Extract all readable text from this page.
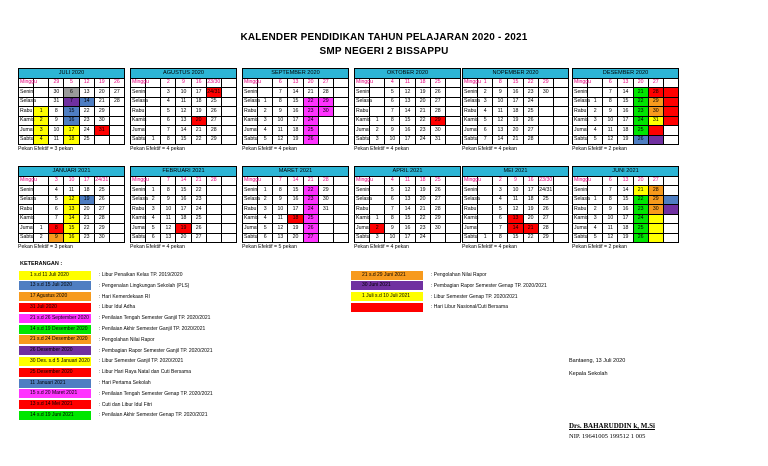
KALENDER PENDIDIKAN TAHUN PELAJARAN 2020 - 2021
SMP NEGERI 2 BISSAPPU
JULI 2020						
Minggu		29	5	12	19	26
Senin		30	6	13	20	27
Selasa		31	7	14	21	28
Rabu	1	8	15	22	29	
Kamis	2	9	16	23	30	
Jumat	3	10	17	24	31	
Sabtu	4	11	18	25		
Pekan Efektif = 3 pekan
AGUSTUS 2020						
Minggu		2	9	16	23/30	
Senin		3	10	17	24/31	
Selasa		4	11	18	25	
Rabu		5	12	19	26	
Kamis		6	13	20	27	
Jumat		7	14	21	28	
Sabtu	1	8	15	22	29	
Pekan Efektif = 4 pekan
SEPTEMBER 2020						
Minggu		6	13	20	27	
Senin		7	14	21	28	
Selasa	1	8	15	22	29	
Rabu	2	9	16	23	30	
Kamis	3	10	17	24		
Jumat	4	11	18	25		
Sabtu	5	12	19	26		
Pekan Efektif = 4 pekan
OKTOBER 2020						
Minggu		4	11	18	25	
Senin		5	12	19	26	
Selasa		6	13	20	27	
Rabu		7	14	21	28	
Kamis	1	8	15	22	29	
Jumat	2	9	16	23	30	
Sabtu	3	10	17	24	31	
Pekan Efektif = 4 pekan
NOPEMBER 2020						
Minggu	1	8	15	22	29	
Senin	2	9	16	23	30	
Selasa	3	10	17	24		
Rabu	4	11	18	25		
Kamis	5	12	19	26		
Jumat	6	13	20	27		
Sabtu	7	14	21	28		
Pekan Efektif = 4 pekan
DESEMBER 2020						
Minggu		6	13	20	27	
Senin		7	14	21	28	
Selasa	1	8	15	22	29	
Rabu	2	9	16	23	30	
Kamis	3	10	17	24	31	
Jumat	4	11	18	25		
Sabtu	5	12	19	26		
Pekan Efektif = 2 pekan
JANUARI 2021						
Minggu		3	10	17	24/31	
Senin		4	11	18	25	
Selasa		5	12	19	26	
Rabu		6	13	20	27	
Kamis		7	14	21	28	
Jumat	1	8	15	22	29	
Sabtu	2	9	16	23	30	
Pekan Efektif = 3 pekan
FEBRUARI 2021						
Minggu		7	14	21	28	
Senin	1	8	15	22		
Selasa	2	9	16	23		
Rabu	3	10	17	24		
Kamis	4	11	18	25		
Jumat	5	12	19	26		
Sabtu	6	13	20	27		
Pekan Efektif = 4 pekan
MARET 2021						
Minggu		7	14	21	28	
Senin	1	8	15	22	29	
Selasa	2	9	16	23	30	
Rabu	3	10	17	24	31	
Kamis	4	11	18	25		
Jumat	5	12	19	26		
Sabtu	6	13	20	27		
Pekan Efektif = 5 pekan
APRIL 2021						
Minggu		4	11	18	25	
Senin		5	12	19	26	
Selasa		6	13	20	27	
Rabu		7	14	21	28	
Kamis	1	8	15	22	29	
Jumat	2	9	16	23	30	
Sabtu	3	10	17	24		
Pekan Efektif = 4 pekan
MEI 2021						
Minggu		2	9	16	23/30	
Senin		3	10	17	24/31	
Selasa		4	11	18	25	
Rabu		5	12	19	26	
Kamis		6	13	20	27	
Jumat		7	14	21	28	
Sabtu	1	8	15	22	29	
Pekan Efektif = 4 pekan
JUNI 2021						
Minggu		6	13	20	27	
Senin		7	14	21	28	
Selasa	1	8	15	22	29	
Rabu	2	9	16	23	30	
Kamis	3	10	17	24		
Jumat	4	11	18	25		
Sabtu	5	12	19	26		
Pekan Efektif = 2 pekan
KETERANGAN :
1 s.d 11 Juli 2020	: Libur Penaikan Kelas TP. 2019/2020
13 s.d 15 Juli 2020	: Pengenalan Lingkungan Sekolah (PLS)
17 Agustus 2020	: Hari Kemerdekaan RI
31 Juli 2020	: Libur Idul Adha
21 s.d 26 September 2020	: Penilaian Tengah Semester Ganjil TP. 2020/2021
14 s.d 19 Desember 2020	: Penilaian Akhir Semester Ganjil TP. 2020/2021
21 s.d 24 Desember 2020	: Pengolahan Nilai Rapor
26 Desember 2020	: Pembagian Rapor Semester Ganjil TP. 2020/2021
30 Des. s.d 5 Januari 2020	: Libur Semester Ganjil TP. 2020/2021
25 Desember 2020	: Libur Hari Raya Natal dan Cuti Bersama
11 Januari 2021	: Hari Pertama Sekolah
15 s.d 20 Maret 2021	: Penilaian Tengah Semester Genap TP. 2020/2021
13 s.d 14 Mei 2021	: Cuti dan Libur Idul Fitri
14 s.d 19 Juni 2021	: Penilaian Akhir Semester Genap TP. 2020/2021
21 s.d 29 Juni 2021	: Pengolahan Nilai Rapor
30 Juni 2021	: Pembagian Rapor Semester Genap TP. 2020/2021
1 Juli s.d 10 Juli 2021	: Libur Semester Genap TP. 2020/2021
: Hari Libur Nasional/Cuti Bersama
Bantaeng, 13 Juli 2020
Kepala Sekolah
Drs. BAHARUDDIN k, M.Si
NIP. 19641005 199512 1 005
